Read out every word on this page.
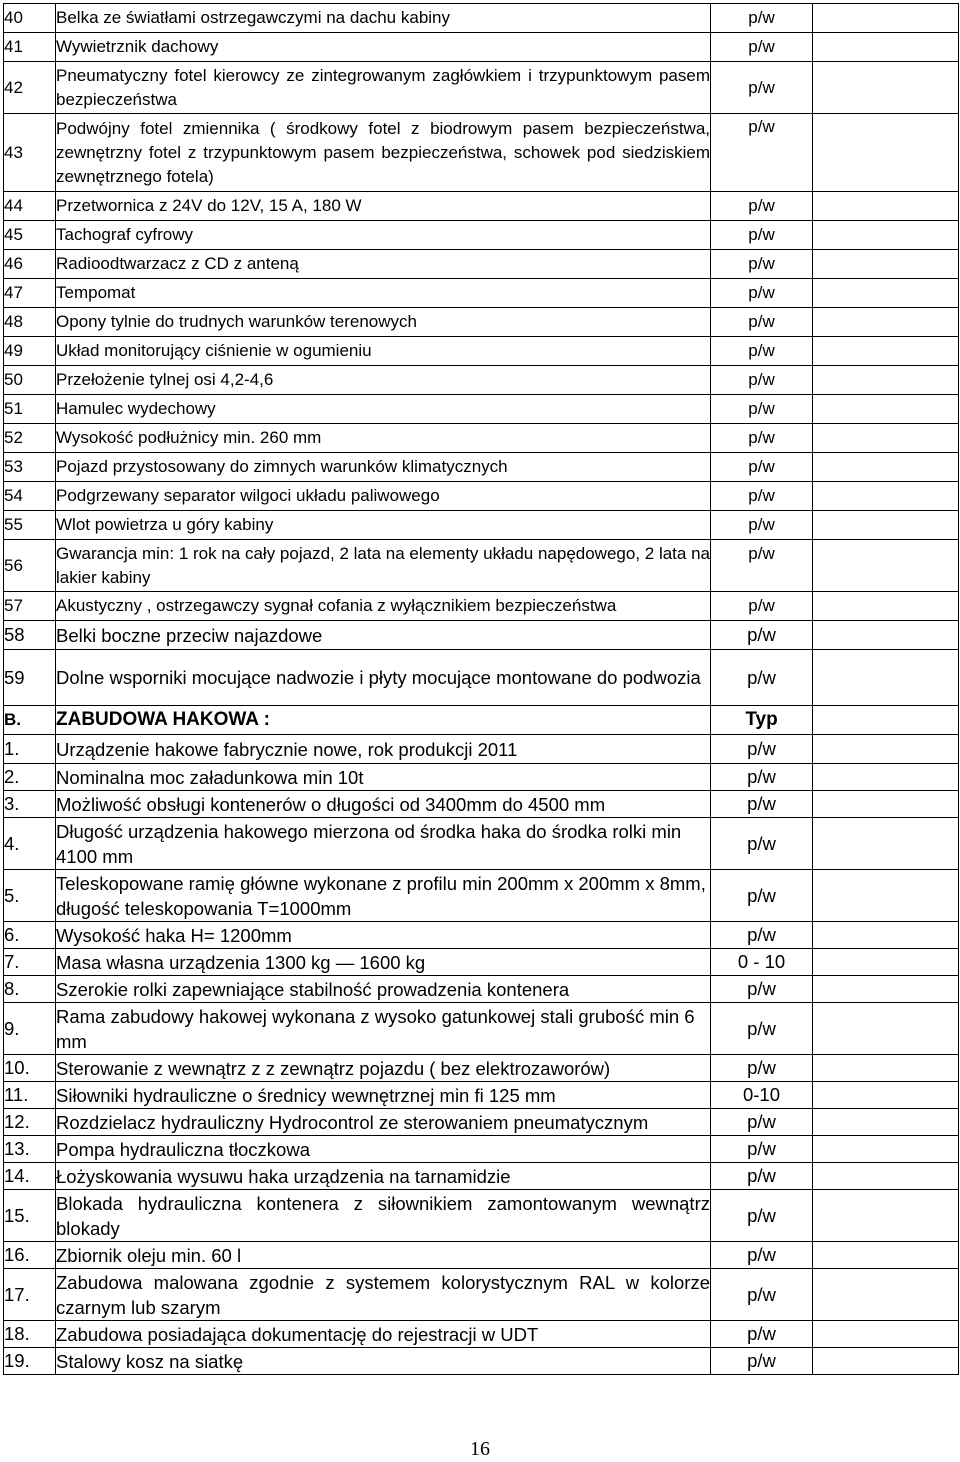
40	Belka ze światłami ostrzegawczymi na dachu kabiny	p/w	
41	Wywietrznik dachowy	p/w	
42	Pneumatyczny fotel kierowcy ze zintegrowanym zagłówkiem i trzypunktowym pasem bezpieczeństwa	p/w	
43	Podwójny fotel zmiennika ( środkowy fotel z biodrowym pasem bezpieczeństwa, zewnętrzny fotel z trzypunktowym pasem bezpieczeństwa, schowek pod siedziskiem zewnętrznego fotela)	p/w	
44	Przetwornica z 24V do 12V, 15 A, 180 W	p/w	
45	Tachograf cyfrowy	p/w	
46	Radioodtwarzacz z CD z anteną	p/w	
47	Tempomat	p/w	
48	Opony tylnie do trudnych warunków terenowych	p/w	
49	Układ monitorujący ciśnienie w ogumieniu	p/w	
50	Przełożenie tylnej osi 4,2-4,6	p/w	
51	Hamulec wydechowy	p/w	
52	Wysokość podłużnicy min. 260 mm	p/w	
53	Pojazd przystosowany do zimnych warunków klimatycznych	p/w	
54	Podgrzewany separator wilgoci układu paliwowego	p/w	
55	Wlot powietrza u góry kabiny	p/w	
56	Gwarancja min: 1 rok na cały pojazd, 2 lata na elementy układu napędowego, 2 lata na lakier kabiny	p/w	
57	Akustyczny , ostrzegawczy sygnał cofania z wyłącznikiem bezpieczeństwa	p/w	
58	Belki boczne przeciw najazdowe	p/w	
59	Dolne wsporniki mocujące nadwozie i płyty mocujące montowane do podwozia	p/w	
B.	ZABUDOWA HAKOWA :	Typ	
1.	Urządzenie hakowe fabrycznie nowe, rok produkcji 2011	p/w	
2.	Nominalna moc załadunkowa min 10t	p/w	
3.	Możliwość obsługi kontenerów o długości od 3400mm do 4500 mm	p/w	
4.	Długość urządzenia hakowego mierzona od środka haka do środka rolki min 4100 mm	p/w	
5.	Teleskopowane ramię główne wykonane z profilu min 200mm x 200mm x 8mm, długość teleskopowania T=1000mm	p/w	
6.	Wysokość haka H= 1200mm	p/w	
7.	Masa własna urządzenia 1300 kg — 1600 kg	0 - 10	
8.	Szerokie rolki zapewniające stabilność prowadzenia kontenera	p/w	
9.	Rama zabudowy hakowej wykonana z wysoko gatunkowej stali grubość min 6 mm	p/w	
10.	Sterowanie z wewnątrz z z zewnątrz pojazdu ( bez elektrozaworów)	p/w	
11.	Siłowniki hydrauliczne o średnicy wewnętrznej min fi 125 mm	0-10	
12.	Rozdzielacz hydrauliczny Hydrocontrol ze sterowaniem pneumatycznym	p/w	
13.	Pompa hydrauliczna tłoczkowa	p/w	
14.	Łożyskowania wysuwu haka urządzenia na tarnamidzie	p/w	
15.	Blokada hydrauliczna kontenera z siłownikiem zamontowanym wewnątrz blokady	p/w	
16.	Zbiornik oleju min. 60 l	p/w	
17.	Zabudowa malowana zgodnie z systemem kolorystycznym RAL w kolorze czarnym lub szarym	p/w	
18.	Zabudowa posiadająca dokumentację do rejestracji w UDT	p/w	
19.	Stalowy kosz na siatkę	p/w	
16
